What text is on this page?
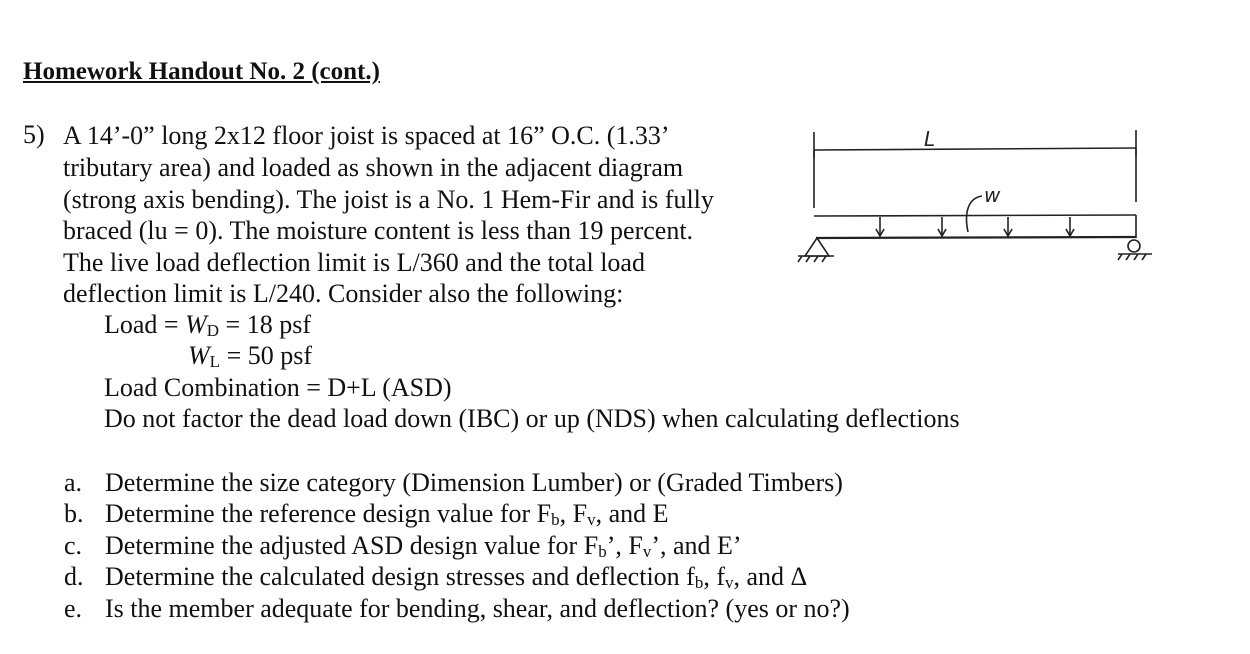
Homework Handout No. 2 (cont.)
5) A 14’-0” long 2x12 floor joist is spaced at 16” O.C. (1.33’
tributary area) and loaded as shown in the adjacent diagram
(strong axis bending). The joist is a No. 1 Hem-Fir and is fully
braced (lu = 0). The moisture content is less than 19 percent.
The live load deflection limit is L/360 and the total load
deflection limit is L/240. Consider also the following:
Load = $W_D = 18$ psf
$W_L = 50$ psf
Load Combination = D+L (ASD)
Do not factor the dead load down (IBC) or up (NDS) when calculating deflections
a. Determine the size category (Dimension Lumber) or (Graded Timbers)
b. Determine the reference design value for $F_b$, $F_v$, and E
c. Determine the adjusted ASD design value for $F_b$’, $F_v$’, and E’
d. Determine the calculated design stresses and deflection $f_b$, $f_v$, and Δ
e. Is the member adequate for bending, shear, and deflection? (yes or no?)
L
w
